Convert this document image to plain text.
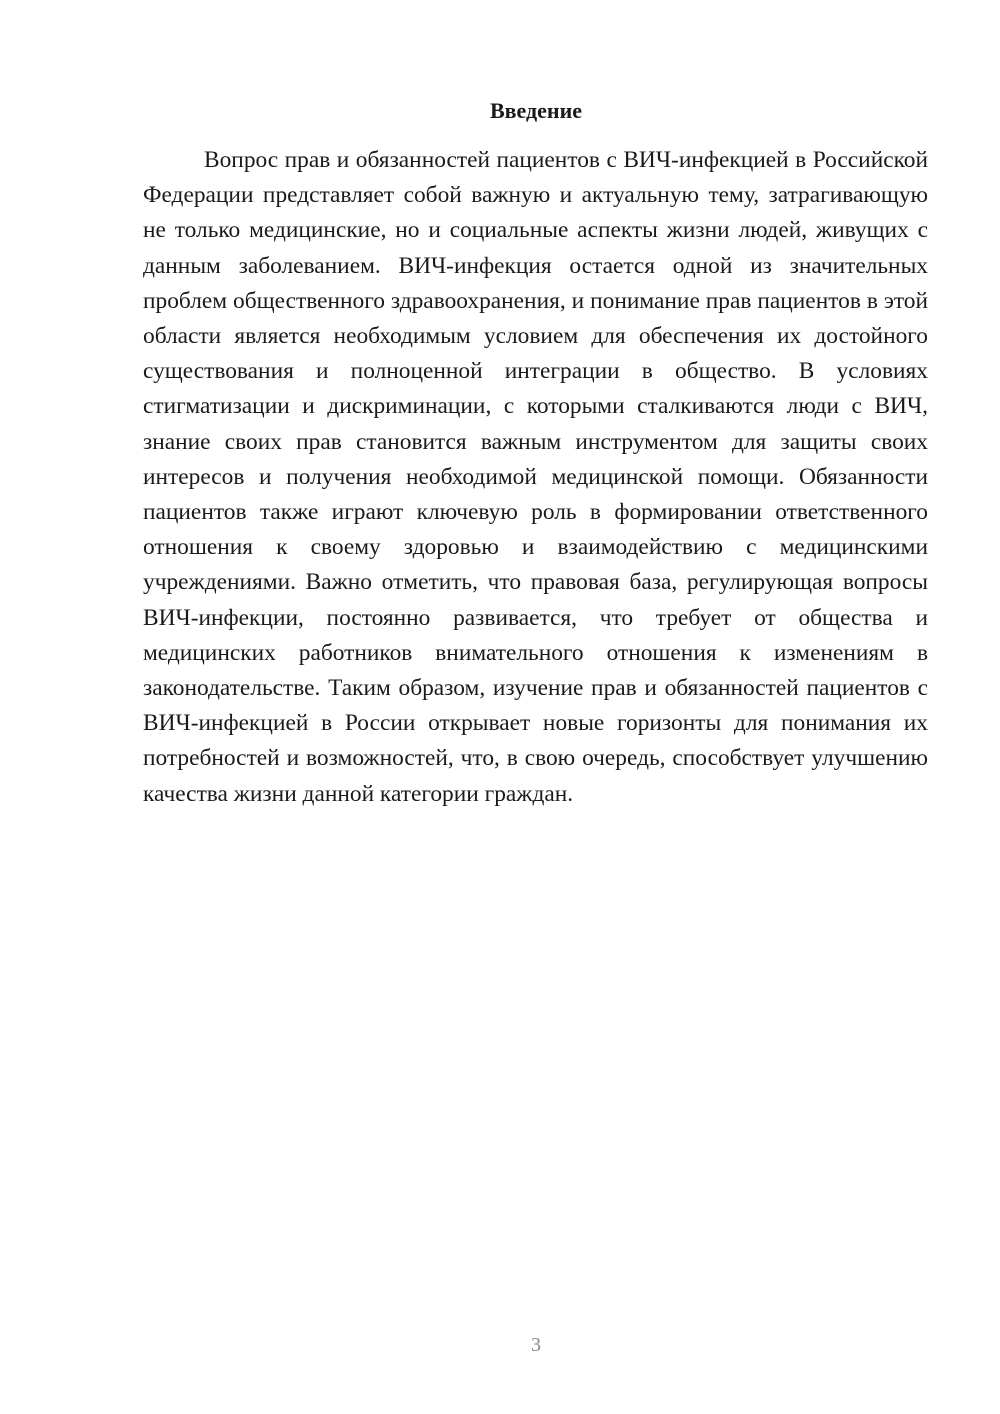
Введение

Вопрос прав и обязанностей пациентов с ВИЧ-инфекцией в Российской Федерации представляет собой важную и актуальную тему, затрагивающую не только медицинские, но и социальные аспекты жизни людей, живущих с данным заболеванием. ВИЧ-инфекция остается одной из значительных проблем общественного здравоохранения, и понимание прав пациентов в этой области является необходимым условием для обеспечения их достойного существования и полноценной интеграции в общество. В условиях стигматизации и дискриминации, с которыми сталкиваются люди с ВИЧ, знание своих прав становится важным инструментом для защиты своих интересов и получения необходимой медицинской помощи. Обязанности пациентов также играют ключевую роль в формировании ответственного отношения к своему здоровью и взаимодействию с медицинскими учреждениями. Важно отметить, что правовая база, регулирующая вопросы ВИЧ-инфекции, постоянно развивается, что требует от общества и медицинских работников внимательного отношения к изменениям в законодательстве. Таким образом, изучение прав и обязанностей пациентов с ВИЧ-инфекцией в России открывает новые горизонты для понимания их потребностей и возможностей, что, в свою очередь, способствует улучшению качества жизни данной категории граждан.

3
